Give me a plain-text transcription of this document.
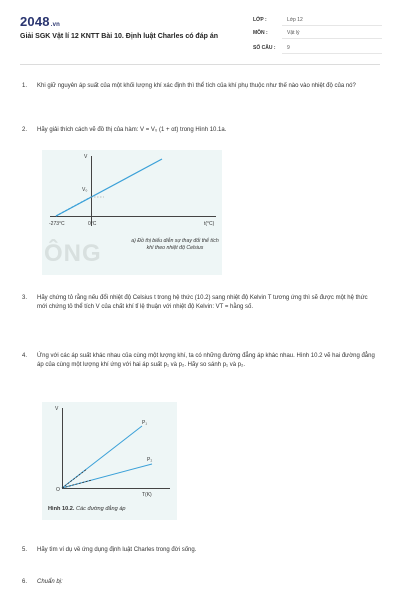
2048.vn
Giải SGK Vật lí 12 KNTT Bài 10. Định luật Charles có đáp án
LỚP :	Lớp 12
MÔN :	Vật lý
SỐ CÂU : 9
1.	Khi giữ nguyên áp suất của một khối lượng khí xác định thì thể tích của khí phụ thuộc như thế nào vào nhiệt độ của nó?
2.	Hãy giải thích cách vẽ đồ thị của hàm: V = V₀ (1 + αt) trong Hình 10.1a.
ÔNG
V
V₀
-273°C	0°C	t(°C)
a) Đồ thị biểu diễn sự thay đổi thể tích khí theo nhiệt độ Celsius
3.	Hãy chứng tỏ rằng nếu đổi nhiệt độ Celsius t trong hệ thức (10.2) sang nhiệt độ Kelvin T tương ứng thì sẽ được một hệ thức mới chứng tỏ thể tích V của chất khí tỉ lệ thuận với nhiệt độ Kelvin: VT = hằng số.
4.	Ứng với các áp suất khác nhau của cùng một lượng khí, ta có những đường đẳng áp khác nhau. Hình 10.2 vẽ hai đường đẳng áp của cùng một lượng khí ứng với hai áp suất p₁ và p₂. Hãy so sánh p₁ và p₂.
V
P₁
P₂
O
T(K)
Hình 10.2. Các đường đẳng áp
5.	Hãy tìm ví dụ về ứng dụng định luật Charles trong đời sống.
6.	Chuẩn bị:
